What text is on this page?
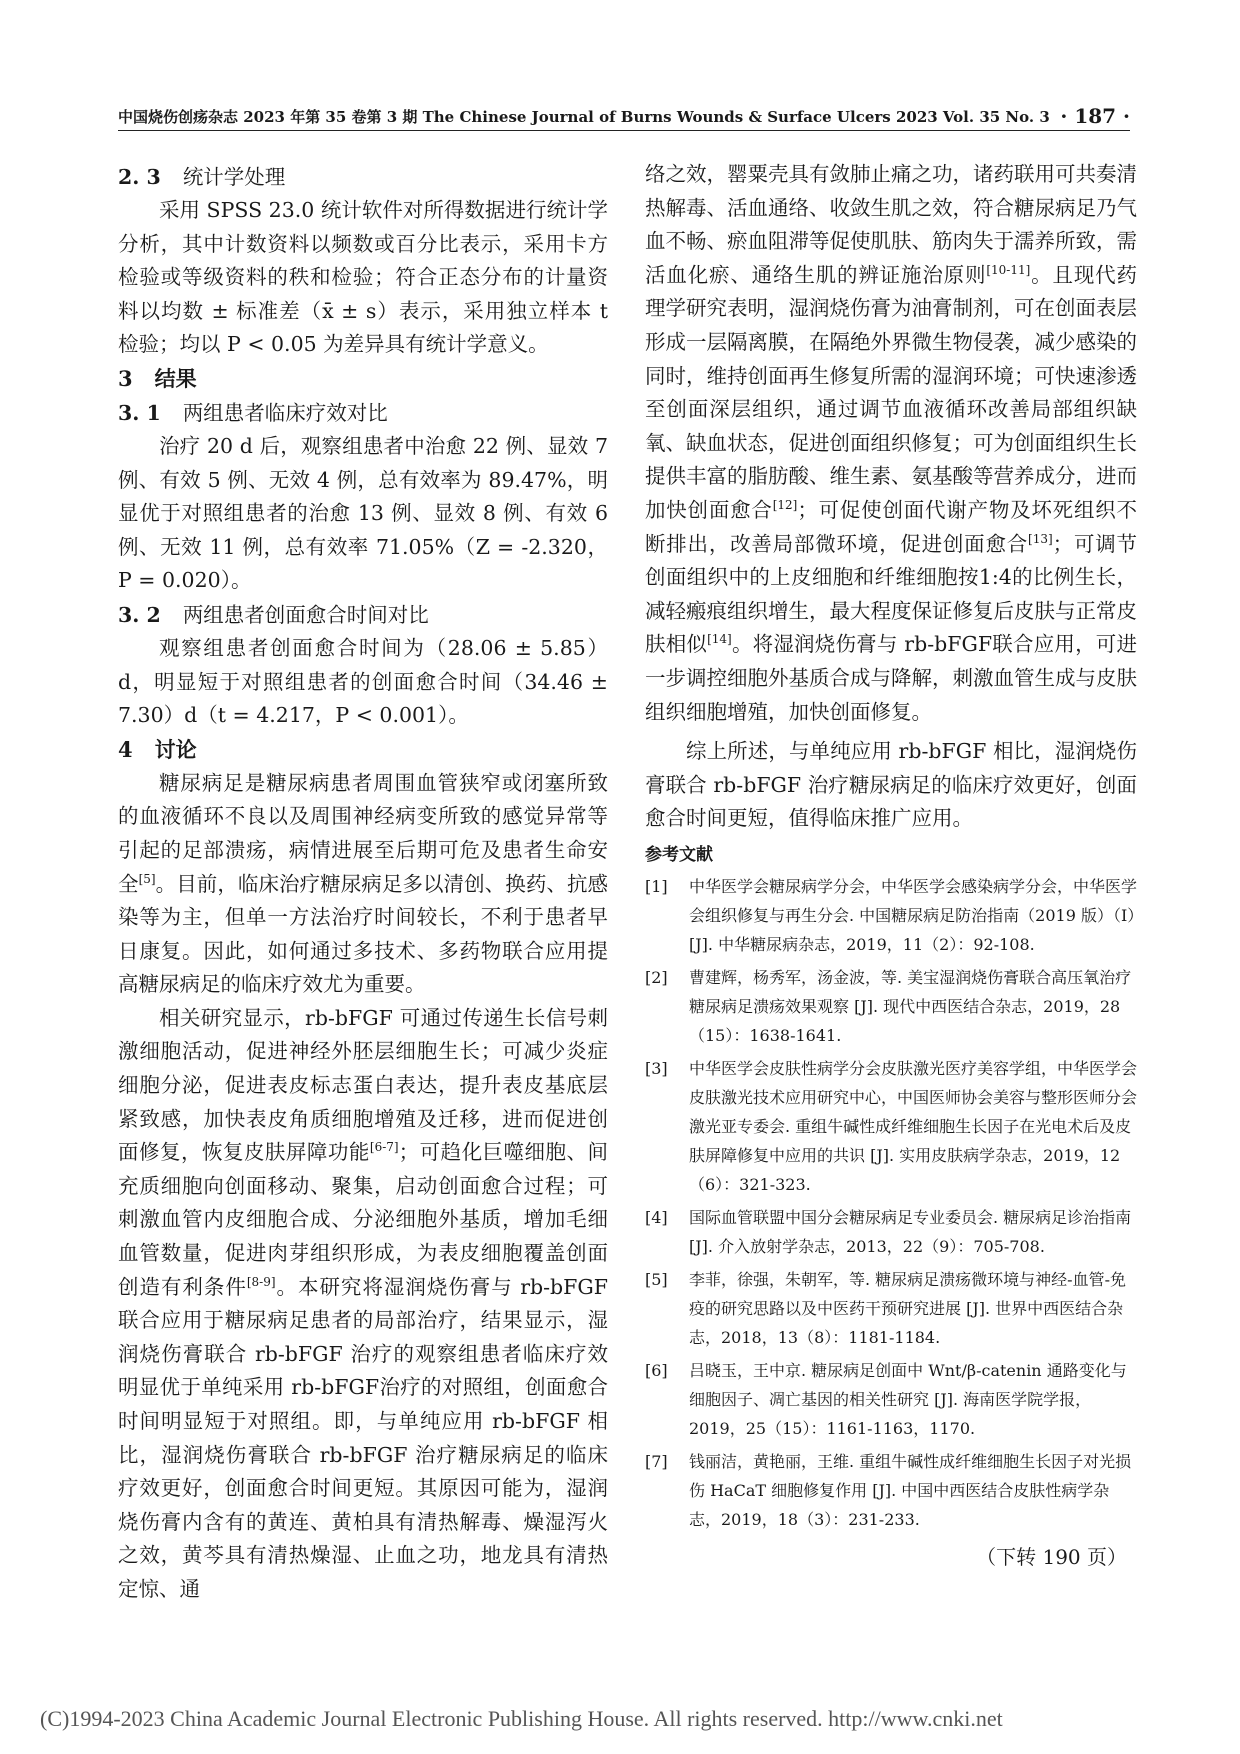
中国烧伤创疡杂志 2023 年第 35 卷第 3 期 The Chinese Journal of Burns Wounds & Surface Ulcers 2023 Vol. 35 No. 3 · 187 ·
2. 3 统计学处理

采用 SPSS 23.0 统计软件对所得数据进行统计学分析，其中计数资料以频数或百分比表示，采用卡方检验或等级资料的秩和检验；符合正态分布的计量资料以均数 ± 标准差（x̄ ± s）表示，采用独立样本 t 检验；均以 P < 0.05 为差异具有统计学意义。

3 结果
3. 1 两组患者临床疗效对比

治疗 20 d 后，观察组患者中治愈 22 例、显效 7 例、有效 5 例、无效 4 例，总有效率为 89.47%，明显优于对照组患者的治愈 13 例、显效 8 例、有效 6 例、无效 11 例，总有效率 71.05%（Z = -2.320，P = 0.020）。

3. 2 两组患者创面愈合时间对比

观察组患者创面愈合时间为（28.06 ± 5.85）d，明显短于对照组患者的创面愈合时间（34.46 ± 7.30）d（t = 4.217，P < 0.001）。

4 讨论

糖尿病足是糖尿病患者周围血管狭窄或闭塞所致的血液循环不良以及周围神经病变所致的感觉异常等引起的足部溃疡，病情进展至后期可危及患者生命安全[5]。目前，临床治疗糖尿病足多以清创、换药、抗感染等为主，但单一方法治疗时间较长，不利于患者早日康复。因此，如何通过多技术、多药物联合应用提高糖尿病足的临床疗效尤为重要。

相关研究显示，rb-bFGF 可通过传递生长信号刺激细胞活动，促进神经外胚层细胞生长；可减少炎症细胞分泌，促进表皮标志蛋白表达，提升表皮基底层紧致感，加快表皮角质细胞增殖及迁移，进而促进创面修复，恢复皮肤屏障功能[6-7]；可趋化巨噬细胞、间充质细胞向创面移动、聚集，启动创面愈合过程；可刺激血管内皮细胞合成、分泌细胞外基质，增加毛细血管数量，促进肉芽组织形成，为表皮细胞覆盖创面创造有利条件[8-9]。本研究将湿润烧伤膏与 rb-bFGF 联合应用于糖尿病足患者的局部治疗，结果显示，湿润烧伤膏联合 rb-bFGF 治疗的观察组患者临床疗效明显优于单纯采用 rb-bFGF治疗的对照组，创面愈合时间明显短于对照组。即，与单纯应用 rb-bFGF 相比，湿润烧伤膏联合 rb-bFGF 治疗糖尿病足的临床疗效更好，创面愈合时间更短。其原因可能为，湿润烧伤膏内含有的黄连、黄柏具有清热解毒、燥湿泻火之效，黄芩具有清热燥湿、止血之功，地龙具有清热定惊、通

络之效，罂粟壳具有敛肺止痛之功，诸药联用可共奏清热解毒、活血通络、收敛生肌之效，符合糖尿病足乃气血不畅、瘀血阻滞等促使肌肤、筋肉失于濡养所致，需活血化瘀、通络生肌的辨证施治原则[10-11]。且现代药理学研究表明，湿润烧伤膏为油膏制剂，可在创面表层形成一层隔离膜，在隔绝外界微生物侵袭，减少感染的同时，维持创面再生修复所需的湿润环境；可快速渗透至创面深层组织，通过调节血液循环改善局部组织缺氧、缺血状态，促进创面组织修复；可为创面组织生长提供丰富的脂肪酸、维生素、氨基酸等营养成分，进而加快创面愈合[12]；可促使创面代谢产物及坏死组织不断排出，改善局部微环境，促进创面愈合[13]；可调节创面组织中的上皮细胞和纤维细胞按1:4的比例生长，减轻瘢痕组织增生，最大程度保证修复后皮肤与正常皮肤相似[14]。将湿润烧伤膏与 rb-bFGF联合应用，可进一步调控细胞外基质合成与降解，刺激血管生成与皮肤组织细胞增殖，加快创面修复。

综上所述，与单纯应用 rb-bFGF 相比，湿润烧伤膏联合 rb-bFGF 治疗糖尿病足的临床疗效更好，创面愈合时间更短，值得临床推广应用。

参考文献
[1] 中华医学会糖尿病学分会，中华医学会感染病学分会，中华医学会组织修复与再生分会. 中国糖尿病足防治指南（2019 版）（Ⅰ）[J]. 中华糖尿病杂志，2019，11（2）：92-108.
[2] 曹建辉，杨秀军，汤金波，等. 美宝湿润烧伤膏联合高压氧治疗糖尿病足溃疡效果观察 [J]. 现代中西医结合杂志，2019，28（15）：1638-1641.
[3] 中华医学会皮肤性病学分会皮肤激光医疗美容学组，中华医学会皮肤激光技术应用研究中心，中国医师协会美容与整形医师分会激光亚专委会. 重组牛碱性成纤维细胞生长因子在光电术后及皮肤屏障修复中应用的共识 [J]. 实用皮肤病学杂志，2019，12（6）：321-323.
[4] 国际血管联盟中国分会糖尿病足专业委员会. 糖尿病足诊治指南 [J]. 介入放射学杂志，2013，22（9）：705-708.
[5] 李菲，徐强，朱朝军，等. 糖尿病足溃疡微环境与神经-血管-免疫的研究思路以及中医药干预研究进展 [J]. 世界中西医结合杂志，2018，13（8）：1181-1184.
[6] 吕晓玉，王中京. 糖尿病足创面中 Wnt/β-catenin 通路变化与细胞因子、凋亡基因的相关性研究 [J]. 海南医学院学报，2019，25（15）：1161-1163，1170.
[7] 钱丽洁，黄艳丽，王维. 重组牛碱性成纤维细胞生长因子对光损伤 HaCaT 细胞修复作用 [J]. 中国中西医结合皮肤性病学杂志，2019，18（3）：231-233.
（下转 190 页）
(C)1994-2023 China Academic Journal Electronic Publishing House. All rights reserved. http://www.cnki.net
